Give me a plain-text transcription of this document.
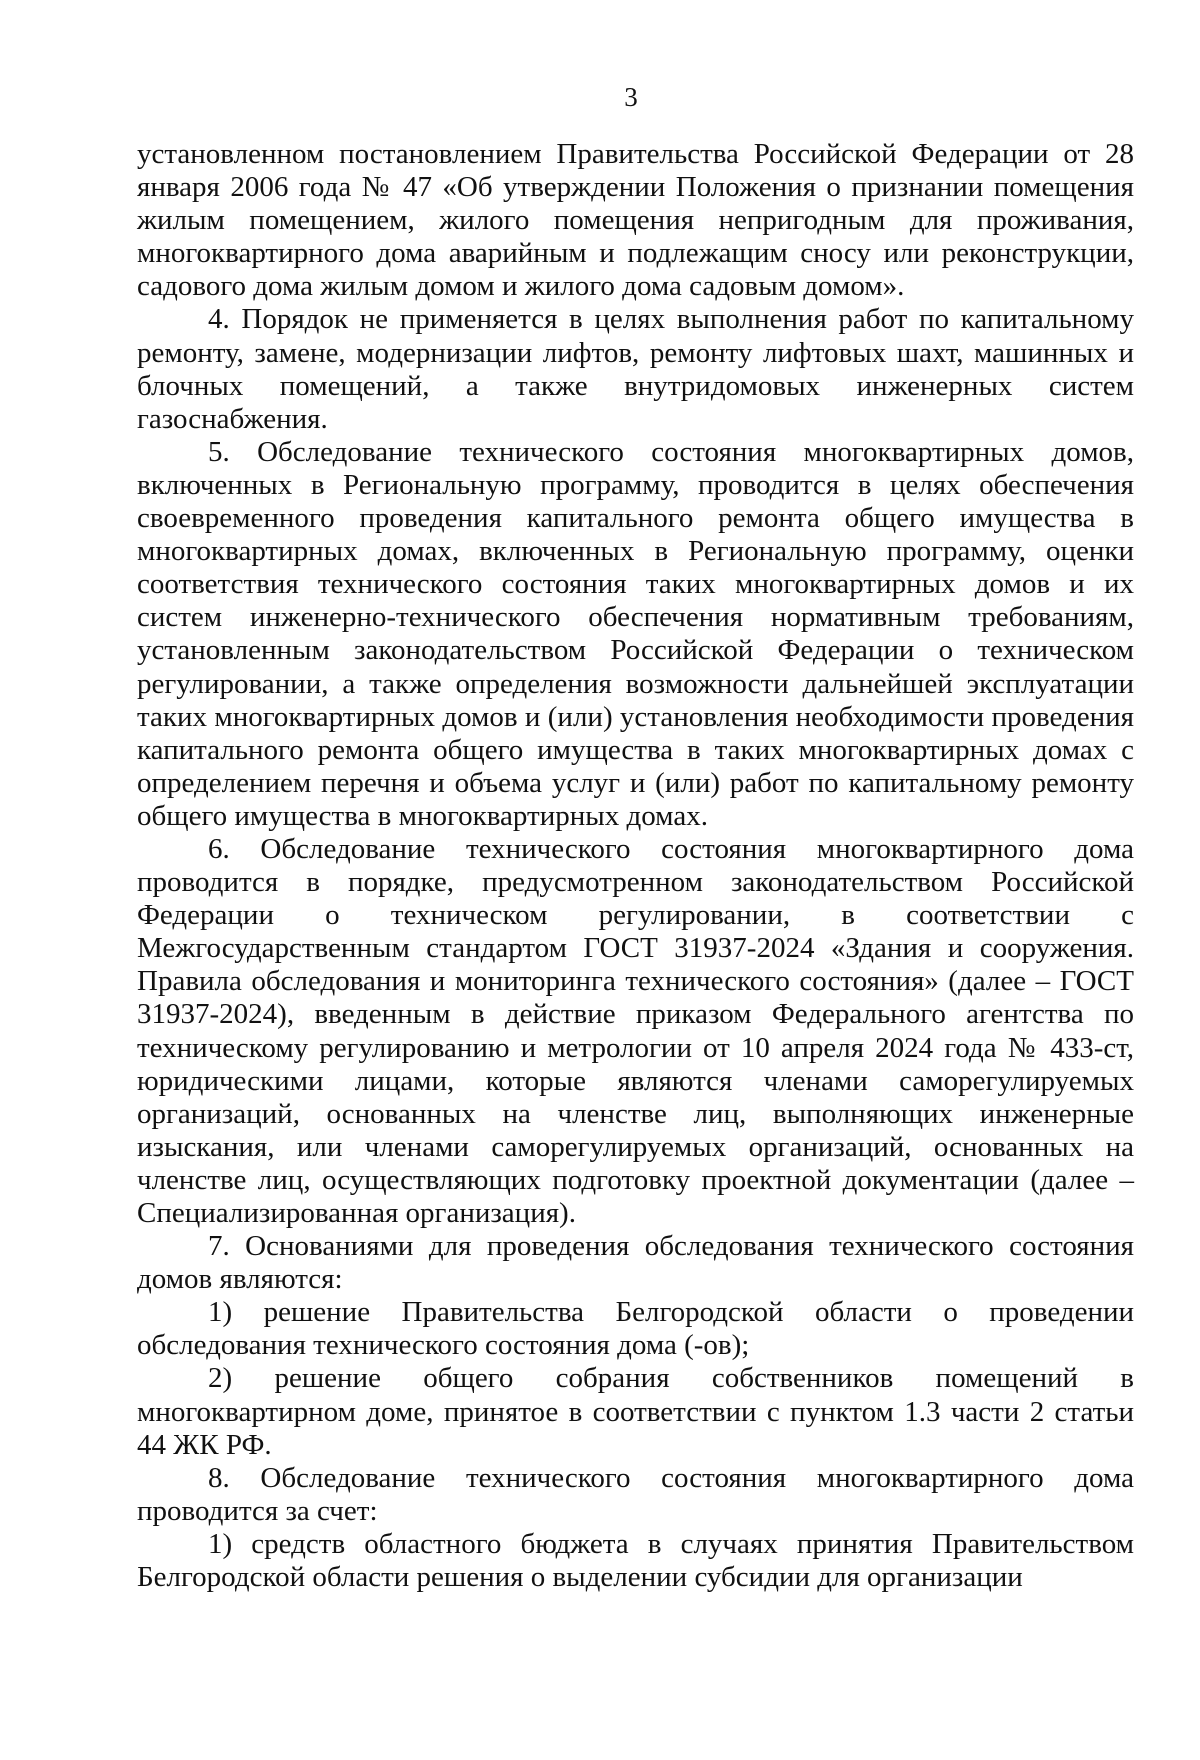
3

установленном постановлением Правительства Российской Федерации от 28 января 2006 года № 47 «Об утверждении Положения о признании помещения жилым помещением, жилого помещения непригодным для проживания, многоквартирного дома аварийным и подлежащим сносу или реконструкции, садового дома жилым домом и жилого дома садовым домом».

4. Порядок не применяется в целях выполнения работ по капитальному ремонту, замене, модернизации лифтов, ремонту лифтовых шахт, машинных и блочных помещений, а также внутридомовых инженерных систем газоснабжения.

5. Обследование технического состояния многоквартирных домов, включенных в Региональную программу, проводится в целях обеспечения своевременного проведения капитального ремонта общего имущества в многоквартирных домах, включенных в Региональную программу, оценки соответствия технического состояния таких многоквартирных домов и их систем инженерно-технического обеспечения нормативным требованиям, установленным законодательством Российской Федерации о техническом регулировании, а также определения возможности дальнейшей эксплуатации таких многоквартирных домов и (или) установления необходимости проведения капитального ремонта общего имущества в таких многоквартирных домах с определением перечня и объема услуг и (или) работ по капитальному ремонту общего имущества в многоквартирных домах.

6. Обследование технического состояния многоквартирного дома проводится в порядке, предусмотренном законодательством Российской Федерации о техническом регулировании, в соответствии с Межгосударственным стандартом ГОСТ 31937-2024 «Здания и сооружения. Правила обследования и мониторинга технического состояния» (далее – ГОСТ 31937-2024), введенным в действие приказом Федерального агентства по техническому регулированию и метрологии от 10 апреля 2024 года № 433-ст, юридическими лицами, которые являются членами саморегулируемых организаций, основанных на членстве лиц, выполняющих инженерные изыскания, или членами саморегулируемых организаций, основанных на членстве лиц, осуществляющих подготовку проектной документации (далее – Специализированная организация).

7. Основаниями для проведения обследования технического состояния домов являются:

1) решение Правительства Белгородской области о проведении обследования технического состояния дома (-ов);

2) решение общего собрания собственников помещений в многоквартирном доме, принятое в соответствии с пунктом 1.3 части 2 статьи 44 ЖК РФ.

8. Обследование технического состояния многоквартирного дома проводится за счет:

1) средств областного бюджета в случаях принятия Правительством Белгородской области решения о выделении субсидии для организации
